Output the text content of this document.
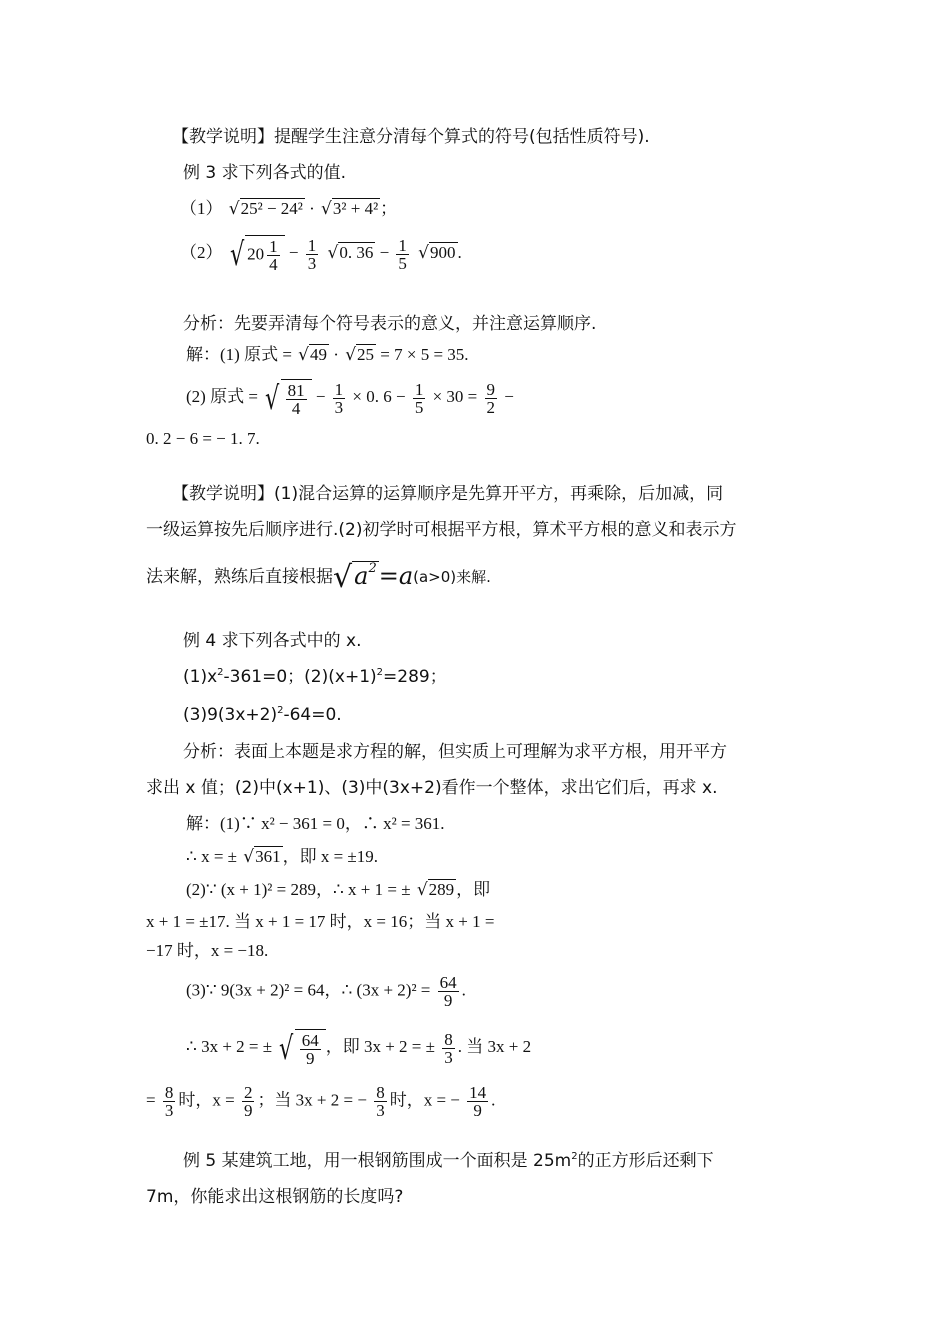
【教学说明】提醒学生注意分清每个算式的符号(包括性质符号).
例 3 求下列各式的值.
（1） √25² − 24² · √3² + 4² ；
（2） √ $20 \frac{1}{4} - \frac{1}{3} √0$. $36 - \frac{1}{5} √900$ .
分析：先要弄清每个符号表示的意义，并注意运算顺序.
解：(1) 原式 = √49 · √25 = 7 × 5 = 35.
(2) 原式 = √ $\frac{81}{4} - \frac{1}{3} \times 0$. $6 - \frac{1}{5} \times 30 = \frac{9}{2}$ −
0. 2 − 6 = − 1. 7.
【教学说明】(1)混合运算的运算顺序是先算开平方，再乘除，后加减，同
一级运算按先后顺序进行.(2)初学时可根据平方根，算术平方根的意义和表示方
法来解，熟练后直接根据$√a^2=a(a>0)$来解.
例 4 求下列各式中的 x.
$(1)x^2-361=0$；$(2)(x+1)^2=289$；
$(3)9(3x+2)^2-64=0$.
分析：表面上本题是求方程的解，但实质上可理解为求平方根，用开平方
求出 x 值；(2)中(x+1)、(3)中(3x+2)看作一个整体，求出它们后，再求 x.
解：(1)∵ x² − 361 = 0，∴ x² = 361.
∴ x = ± √361 ，即 x = ±19.
(2)∵ (x + 1)² = 289，∴ x + 1 = ± √289 ，即
x + 1 = ±17. 当 x + 1 = 17 时，x = 16；当 x + 1 =
−17 时，x = −18.
(3)∵ 9(3x + 2)² = 64，∴ $(3x + 2)^2 = \frac{64}{9}$ .
∴ 3x + 2 = ± √ $\frac{64}{9}$ ，即 3x + 2 = ± $\frac{8}{3}$ . 当 3x + 2
= $\frac{8}{3}$ 时，$x = \frac{2}{9}$ ；当 3x + 2 = − $\frac{8}{3}$ 时，x = − $\frac{14}{9}$ .
例 5 某建筑工地，用一根钢筋围成一个面积是 $25m^2$的正方形后还剩下
7m，你能求出这根钢筋的长度吗?
